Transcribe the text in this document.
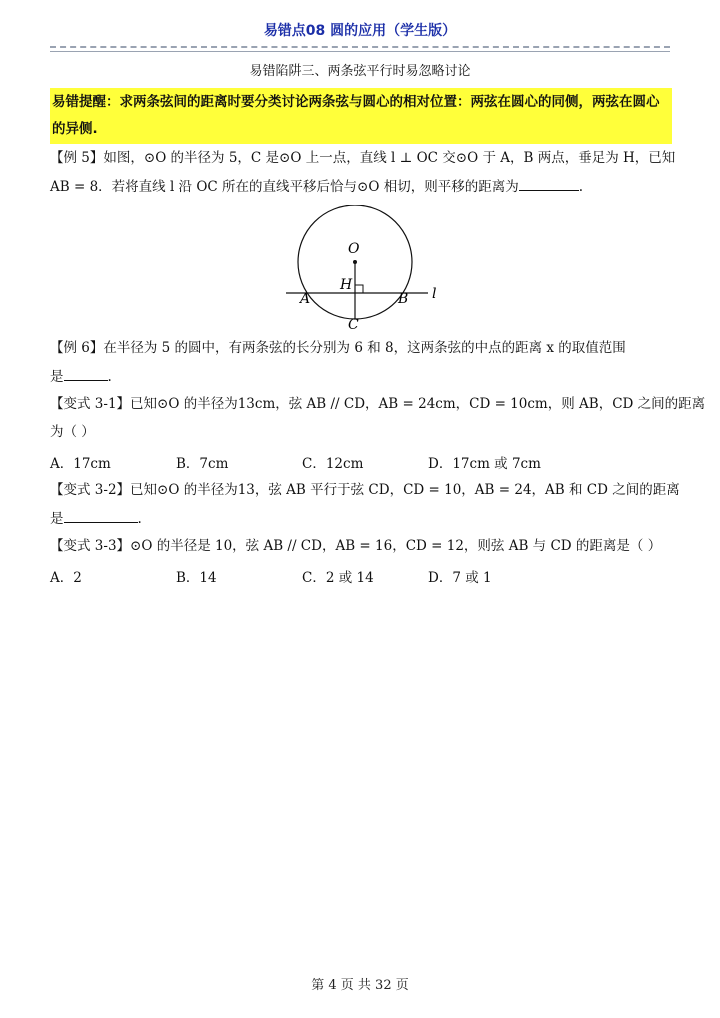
易错点08 圆的应用（学生版）
易错陷阱三、两条弦平行时易忽略讨论
易错提醒：求两条弦间的距离时要分类讨论两条弦与圆心的相对位置：两弦在圆心的同侧，两弦在圆心的异侧.
【例 5】如图，⊙O 的半径为 5，C 是⊙O 上一点，直线 l ⊥ OC 交⊙O 于 A，B 两点，垂足为 H，已知
AB = 8．若将直线 l 沿 OC 所在的直线平移后恰与⊙O 相切，则平移的距离为	.
O
H
A	B
C
l
【例 6】在半径为 5 的圆中，有两条弦的长分别为 6 和 8，这两条弦的中点的距离 x 的取值范围
是	.
【变式 3-1】已知⊙O 的半径为13cm，弦 AB // CD，AB = 24cm，CD = 10cm，则 AB，CD 之间的距离
为（ ）
A．17cm	B．7cm	C．12cm	D．17cm 或 7cm
【变式 3-2】已知⊙O 的半径为13，弦 AB 平行于弦 CD，CD = 10，AB = 24，AB 和 CD 之间的距离
是	.
【变式 3-3】⊙O 的半径是 10，弦 AB // CD，AB = 16，CD = 12，则弦 AB 与 CD 的距离是（ ）
A．2	B．14	C．2 或 14	D．7 或 1
第 4 页 共 32 页
